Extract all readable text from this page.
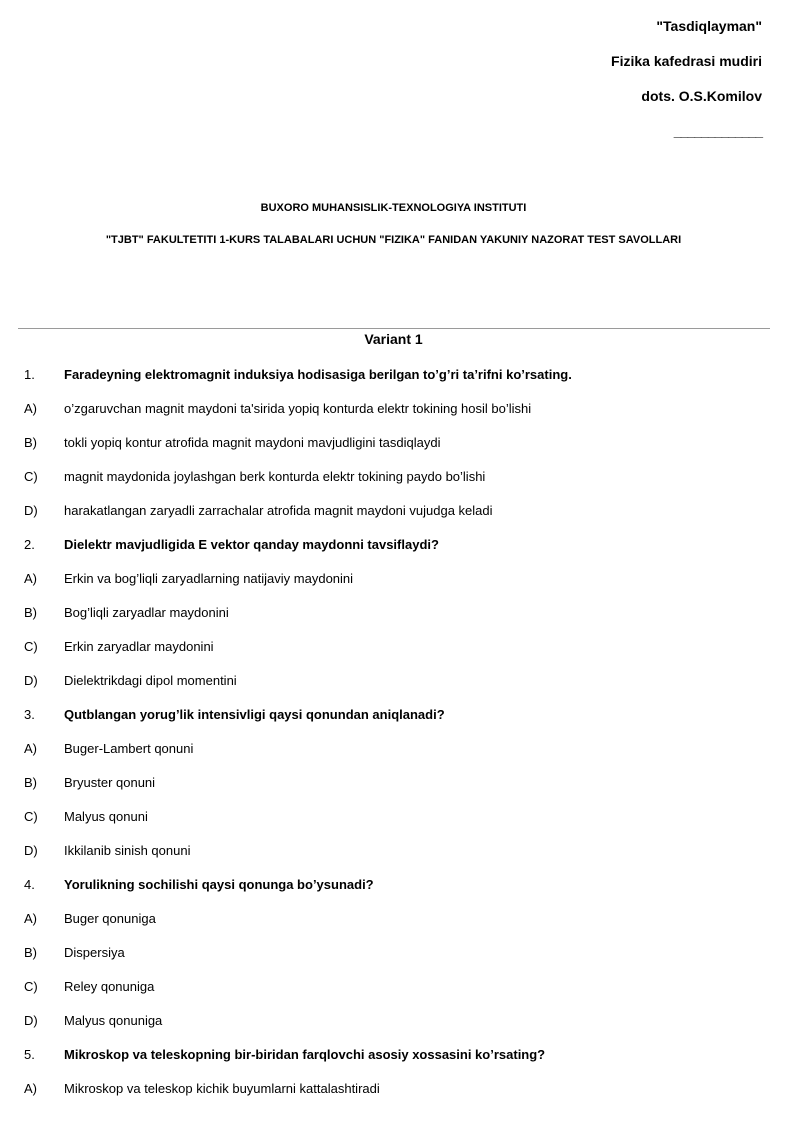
"Tasdiqlayman"
Fizika kafedrasi mudiri
dots. O.S.Komilov
_____________
BUXORO MUHANSISLIK-TEXNOLOGIYA INSTITUTI
"TJBT" FAKULTETITI 1-KURS TALABALARI UCHUN "FIZIKA" FANIDAN YAKUNIY NAZORAT TEST SAVOLLARI
Variant 1
1. Faradeyning elektromagnit induksiya hodisasiga berilgan to’g’ri ta’rifni ko’rsating.
A) o’zgaruvchan magnit maydoni ta'sirida yopiq konturda elektr tokining hosil bo’lishi
B) tokli yopiq kontur atrofida magnit maydoni mavjudligini tasdiqlaydi
C) magnit maydonida joylashgan berk konturda elektr tokining paydo bo’lishi
D) harakatlangan zaryadli zarrachalar atrofida magnit maydoni vujudga keladi
2. Dielektr mavjudligida E vektor qanday maydonni tavsiflaydi?
A) Erkin va bog’liqli zaryadlarning natijaviy maydonini
B) Bog’liqli zaryadlar maydonini
C) Erkin zaryadlar maydonini
D) Dielektrikdagi dipol momentini
3. Qutblangan yorug’lik intensivligi qaysi qonundan aniqlanadi?
A) Buger-Lambert qonuni
B) Bryuster qonuni
C) Malyus qonuni
D) Ikkilanib sinish qonuni
4. Yorulikning sochilishi qaysi qonunga bo’ysunadi?
A) Buger qonuniga
B) Dispersiya
C) Reley qonuniga
D) Malyus qonuniga
5. Mikroskop va teleskopning bir-biridan farqlovchi asosiy xossasini ko’rsating?
A) Mikroskop va teleskop kichik buyumlarni kattalashtiradi
